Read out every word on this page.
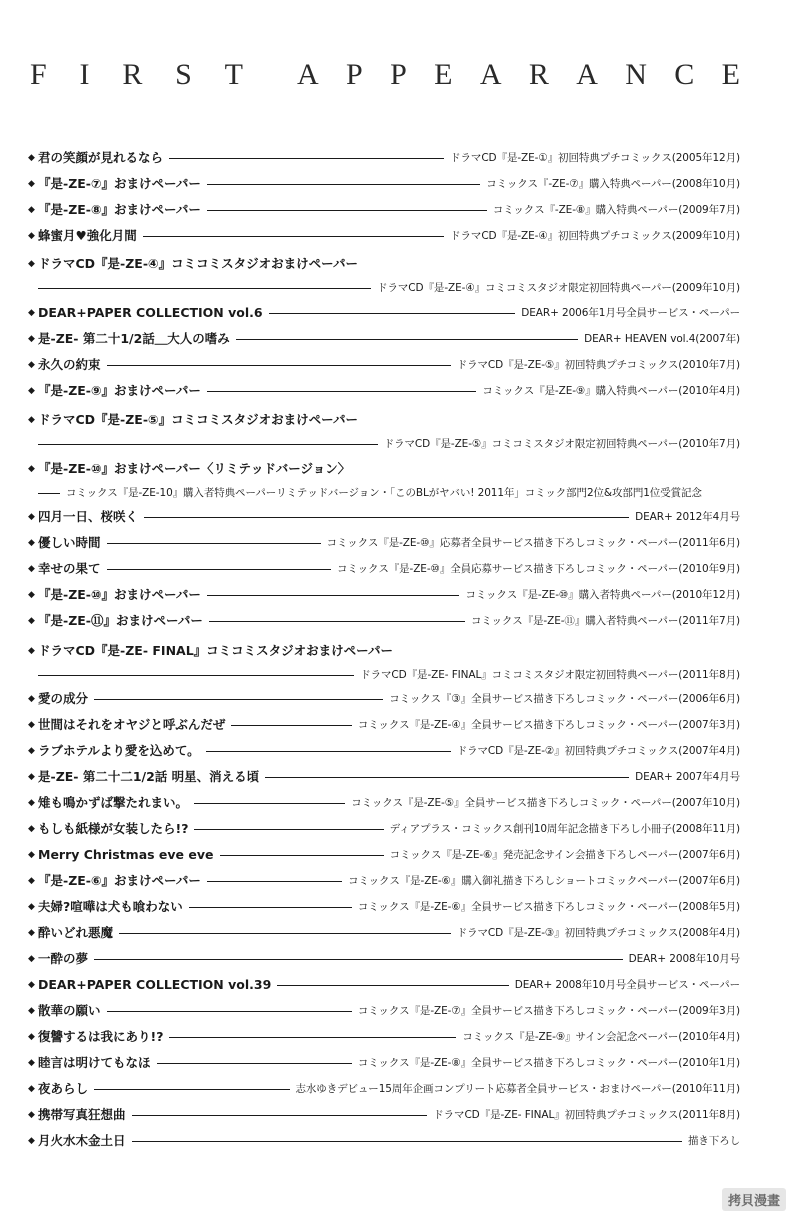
F I R S T A P P E A R A N C E
◆ 君の笑顔が見れるなら	ドラマCD『是-ZE-①』初回特典プチコミックス(2005年12月)
◆ 『是-ZE-⑦』おまけペーパー	コミックス『-ZE-⑦』購入特典ペーパー(2008年10月)
◆ 『是-ZE-⑧』おまけペーパー	コミックス『-ZE-⑧』購入特典ペーパー(2009年7月)
◆ 蜂蜜月♥強化月間	ドラマCD『是-ZE-④』初回特典プチコミックス(2009年10月)
◆ ドラマCD『是-ZE-④』コミコミスタジオおまけペーパー
ドラマCD『是-ZE-④』コミコミスタジオ限定初回特典ペーパー(2009年10月)
◆ DEAR+PAPER COLLECTION vol.6	DEAR+ 2006年1月号全員サービス・ペーパー
◆ 是-ZE- 第二十1/2話＿大人の嗜み	DEAR+ HEAVEN vol.4(2007年)
◆ 永久の約束	ドラマCD『是-ZE-⑤』初回特典プチコミックス(2010年7月)
◆ 『是-ZE-⑨』おまけペーパー	コミックス『是-ZE-⑨』購入特典ペーパー(2010年4月)
◆ ドラマCD『是-ZE-⑤』コミコミスタジオおまけペーパー
ドラマCD『是-ZE-⑤』コミコミスタジオ限定初回特典ペーパー(2010年7月)
◆ 『是-ZE-⑩』おまけペーパー〈リミテッドバージョン〉
コミックス『是-ZE-10』購入者特典ペーパーリミテッドバージョン・「このBLがヤバい! 2011年」コミック部門2位&攻部門1位受賞記念
◆ 四月一日、桜咲く	DEAR+ 2012年4月号
◆ 優しい時間	コミックス『是-ZE-⑩』応募者全員サービス描き下ろしコミック・ペーパー(2011年6月)
◆ 幸せの果て	コミックス『是-ZE-⑩』全員応募サービス描き下ろしコミック・ペーパー(2010年9月)
◆ 『是-ZE-⑩』おまけペーパー	コミックス『是-ZE-⑩』購入者特典ペーパー(2010年12月)
◆ 『是-ZE-⑪』おまけペーパー	コミックス『是-ZE-⑪』購入者特典ペーパー(2011年7月)
◆ ドラマCD『是-ZE- FINAL』コミコミスタジオおまけペーパー
ドラマCD『是-ZE- FINAL』コミコミスタジオ限定初回特典ペーパー(2011年8月)
◆ 愛の成分	コミックス『③』全員サービス描き下ろしコミック・ペーパー(2006年6月)
◆ 世間はそれをオヤジと呼ぶんだぜ	コミックス『是-ZE-④』全員サービス描き下ろしコミック・ペーパー(2007年3月)
◆ ラブホテルより愛を込めて。	ドラマCD『是-ZE-②』初回特典プチコミックス(2007年4月)
◆ 是-ZE- 第二十二1/2話 明星、消える頃	DEAR+ 2007年4月号
◆ 雉も鳴かずば撃たれまい。	コミックス『是-ZE-⑤』全員サービス描き下ろしコミック・ペーパー(2007年10月)
◆ もしも紙様が女装したら!?	ディアプラス・コミックス創刊10周年記念描き下ろし小冊子(2008年11月)
◆ Merry Christmas eve eve	コミックス『是-ZE-⑥』発売記念サイン会描き下ろしペーパー(2007年6月)
◆ 『是-ZE-⑥』おまけペーパー	コミックス『是-ZE-⑥』購入御礼描き下ろしショートコミックペーパー(2007年6月)
◆ 夫婦?喧嘩は犬も喰わない	コミックス『是-ZE-⑥』全員サービス描き下ろしコミック・ペーパー(2008年5月)
◆ 酔いどれ悪魔	ドラマCD『是-ZE-③』初回特典プチコミックス(2008年4月)
◆ 一酔の夢	DEAR+ 2008年10月号
◆ DEAR+PAPER COLLECTION vol.39	DEAR+ 2008年10月号全員サービス・ペーパー
◆ 散華の願い	コミックス『是-ZE-⑦』全員サービス描き下ろしコミック・ペーパー(2009年3月)
◆ 復讐するは我にあり!?	コミックス『是-ZE-⑨』サイン会記念ペーパー(2010年4月)
◆ 睦言は明けてもなほ	コミックス『是-ZE-⑧』全員サービス描き下ろしコミック・ペーパー(2010年1月)
◆ 夜あらし	志水ゆきデビュー15周年企画コンプリート応募者全員サービス・おまけペーパー(2010年11月)
◆ 携帯写真狂想曲	ドラマCD『是-ZE- FINAL』初回特典プチコミックス(2011年8月)
◆ 月火水木金土日	描き下ろし
拷貝漫畫
